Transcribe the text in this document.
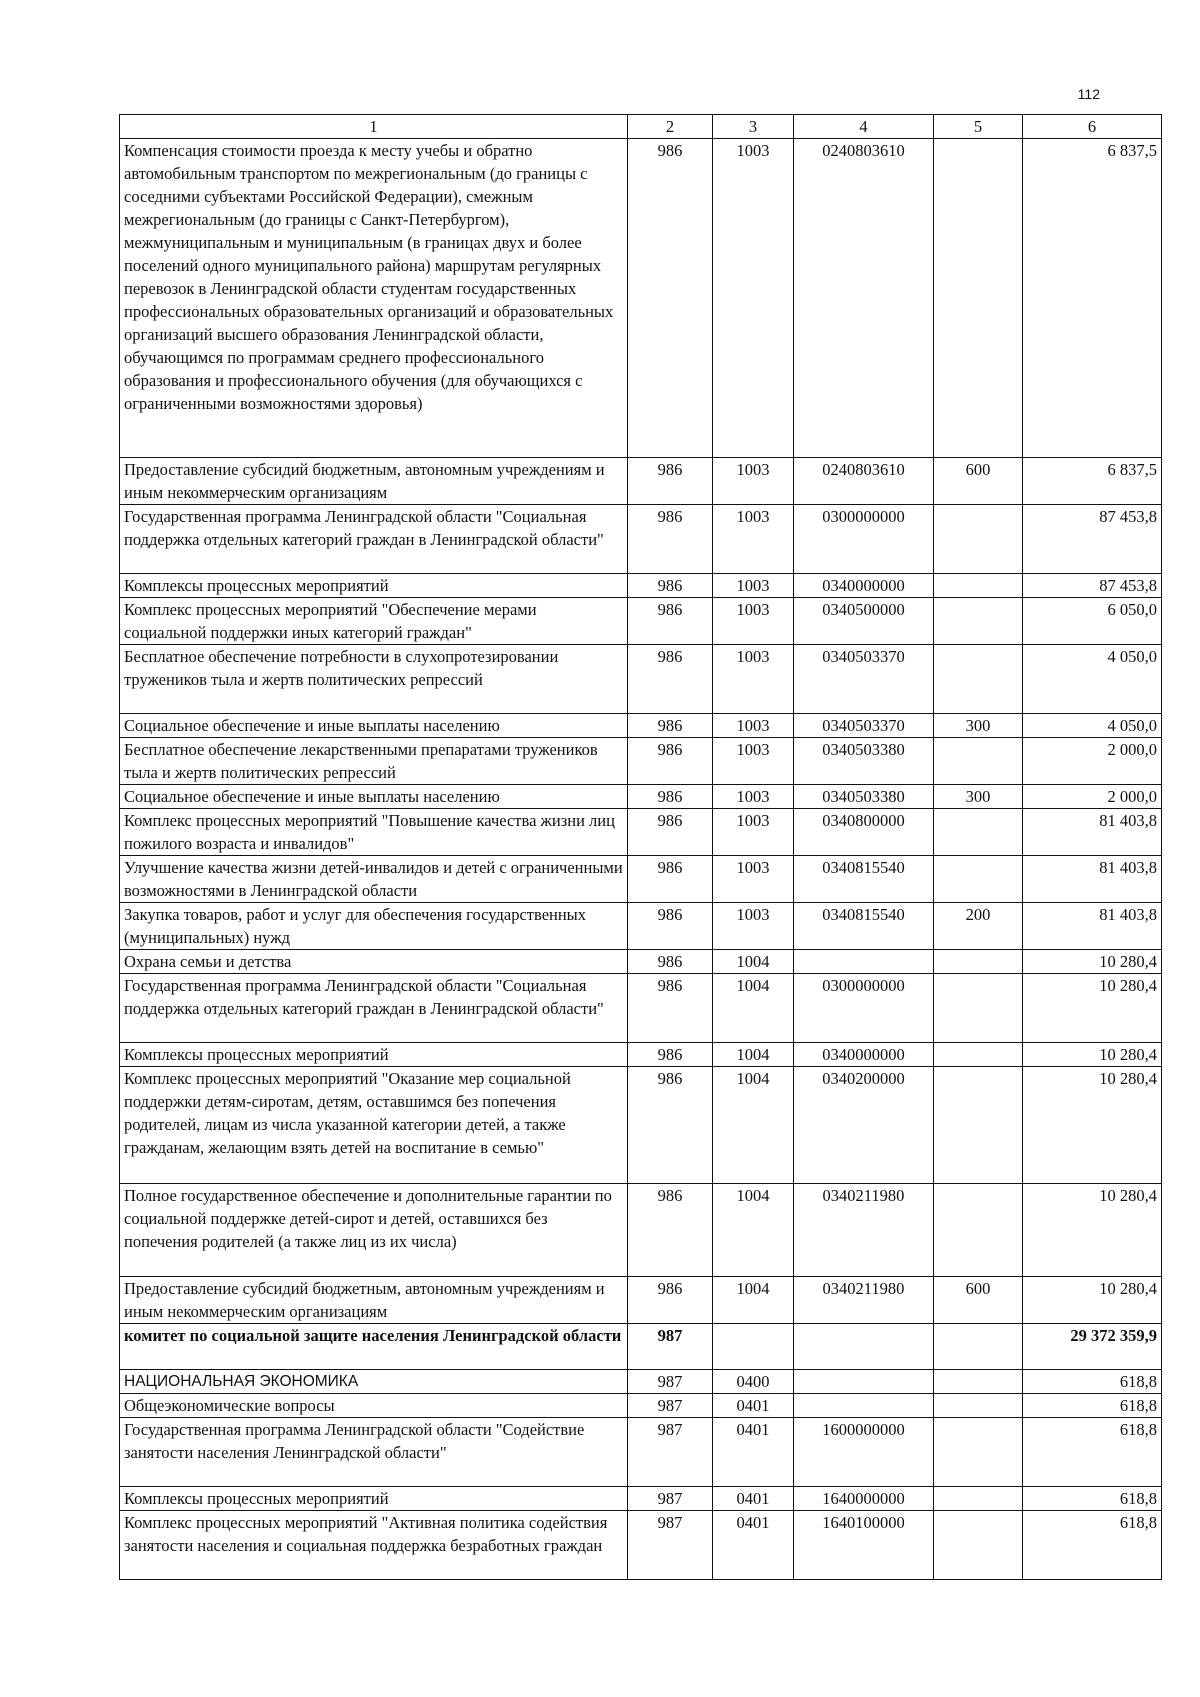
112
1	2	3	4	5	6
Компенсация стоимости проезда к месту учебы и обратно автомобильным транспортом по межрегиональным (до границы с соседними субъектами Российской Федерации), смежным межрегиональным (до границы с Санкт-Петербургом), межмуниципальным и муниципальным (в границах двух и более поселений одного муниципального района) маршрутам регулярных перевозок в Ленинградской области студентам государственных профессиональных образовательных организаций и образовательных организаций высшего образования Ленинградской области, обучающимся по программам среднего профессионального образования и профессионального обучения (для обучающихся с ограниченными возможностями здоровья)	986	1003	0240803610		6 837,5
Предоставление субсидий бюджетным, автономным учреждениям и иным некоммерческим организациям	986	1003	0240803610	600	6 837,5
Государственная программа Ленинградской области "Социальная поддержка отдельных категорий граждан в Ленинградской области"	986	1003	0300000000		87 453,8
Комплексы процессных мероприятий	986	1003	0340000000		87 453,8
Комплекс процессных мероприятий "Обеспечение мерами социальной поддержки иных категорий граждан"	986	1003	0340500000		6 050,0
Бесплатное обеспечение потребности в слухопротезировании тружеников тыла и жертв политических репрессий	986	1003	0340503370		4 050,0
Социальное обеспечение и иные выплаты населению	986	1003	0340503370	300	4 050,0
Бесплатное обеспечение лекарственными препаратами тружеников тыла и жертв политических репрессий	986	1003	0340503380		2 000,0
Социальное обеспечение и иные выплаты населению	986	1003	0340503380	300	2 000,0
Комплекс процессных мероприятий "Повышение качества жизни лиц пожилого возраста и инвалидов"	986	1003	0340800000		81 403,8
Улучшение качества жизни детей-инвалидов и детей с ограниченными возможностями в Ленинградской области	986	1003	0340815540		81 403,8
Закупка товаров, работ и услуг для обеспечения государственных (муниципальных) нужд	986	1003	0340815540	200	81 403,8
Охрана семьи и детства	986	1004			10 280,4
Государственная программа Ленинградской области "Социальная поддержка отдельных категорий граждан в Ленинградской области"	986	1004	0300000000		10 280,4
Комплексы процессных мероприятий	986	1004	0340000000		10 280,4
Комплекс процессных мероприятий "Оказание мер социальной поддержки детям-сиротам, детям, оставшимся без попечения родителей, лицам из числа указанной категории детей, а также гражданам, желающим взять детей на воспитание в семью"	986	1004	0340200000		10 280,4
Полное государственное обеспечение и дополнительные гарантии по социальной поддержке детей-сирот и детей, оставшихся без попечения родителей (а также лиц из их числа)	986	1004	0340211980		10 280,4
Предоставление субсидий бюджетным, автономным учреждениям и иным некоммерческим организациям	986	1004	0340211980	600	10 280,4
комитет по социальной защите населения Ленинградской области	987				29 372 359,9
НАЦИОНАЛЬНАЯ ЭКОНОМИКА	987	0400			618,8
Общеэкономические вопросы	987	0401			618,8
Государственная программа Ленинградской области "Содействие занятости населения Ленинградской области"	987	0401	1600000000		618,8
Комплексы процессных мероприятий	987	0401	1640000000		618,8
Комплекс процессных мероприятий "Активная политика содействия занятости населения и социальная поддержка безработных граждан	987	0401	1640100000		618,8
